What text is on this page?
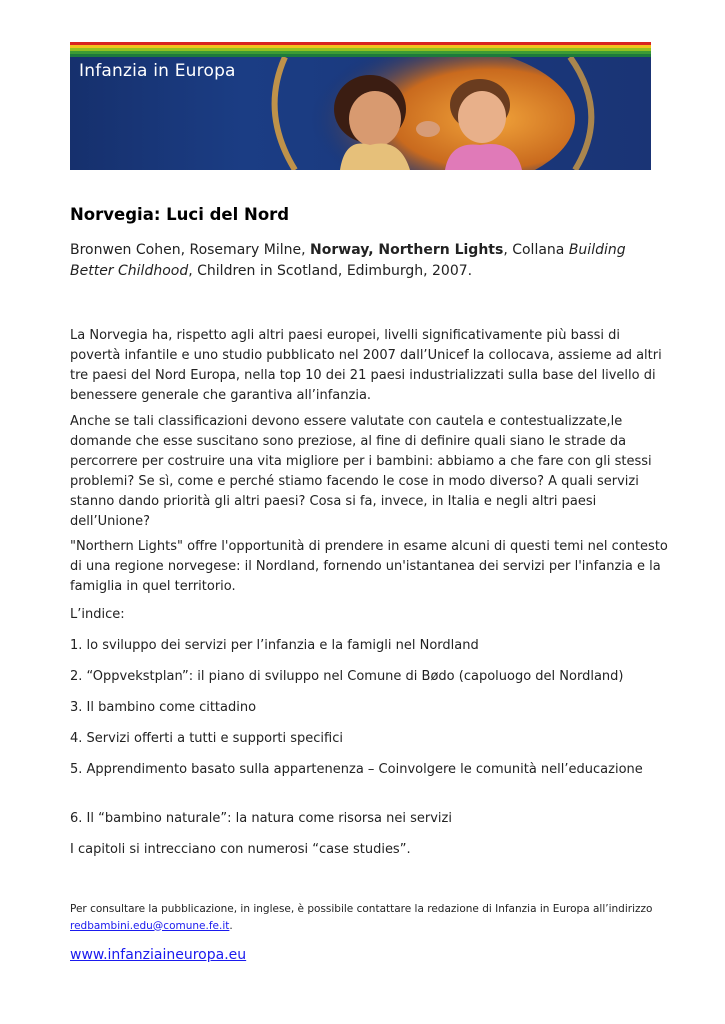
Infanzia in Europa
Norvegia: Luci del Nord

Bronwen Cohen, Rosemary Milne, Norway, Northern Lights, Collana Building Better Childhood, Children in Scotland, Edimburgh, 2007.

La Norvegia ha, rispetto agli altri paesi europei, livelli significativamente più bassi di povertà infantile e uno studio pubblicato nel 2007 dall’Unicef la collocava, assieme ad altri tre paesi del Nord Europa, nella top 10 dei 21 paesi industrializzati sulla base del livello di benessere generale che garantiva all’infanzia.

Anche se tali classificazioni devono essere valutate con cautela e contestualizzate,le domande che esse suscitano sono preziose, al fine di definire quali siano le strade da percorrere per costruire una vita migliore per i bambini: abbiamo a che fare con gli stessi problemi? Se sì, come e perché stiamo facendo le cose in modo diverso? A quali servizi stanno dando priorità gli altri paesi? Cosa si fa, invece, in Italia e negli altri paesi dell’Unione?

"Northern Lights" offre l'opportunità di prendere in esame alcuni di questi temi nel contesto di una regione norvegese: il Nordland, fornendo un'istantanea dei servizi per l'infanzia e la famiglia in quel territorio.

L’indice:

1. lo sviluppo dei servizi per l’infanzia e la famigli nel Nordland

2. “Oppvekstplan”: il piano di sviluppo nel Comune di Bødo (capoluogo del Nordland)

3. Il bambino come cittadino

4. Servizi offerti a tutti e supporti specifici

5. Apprendimento basato sulla appartenenza – Coinvolgere le comunità nell’educazione

6. Il “bambino naturale”: la natura come risorsa nei servizi

I capitoli si intrecciano con numerosi “case studies”.

Per consultare la pubblicazione, in inglese, è possibile contattare la redazione di Infanzia in Europa all’indirizzo redbambini.edu@comune.fe.it.

www.infanziaineuropa.eu
